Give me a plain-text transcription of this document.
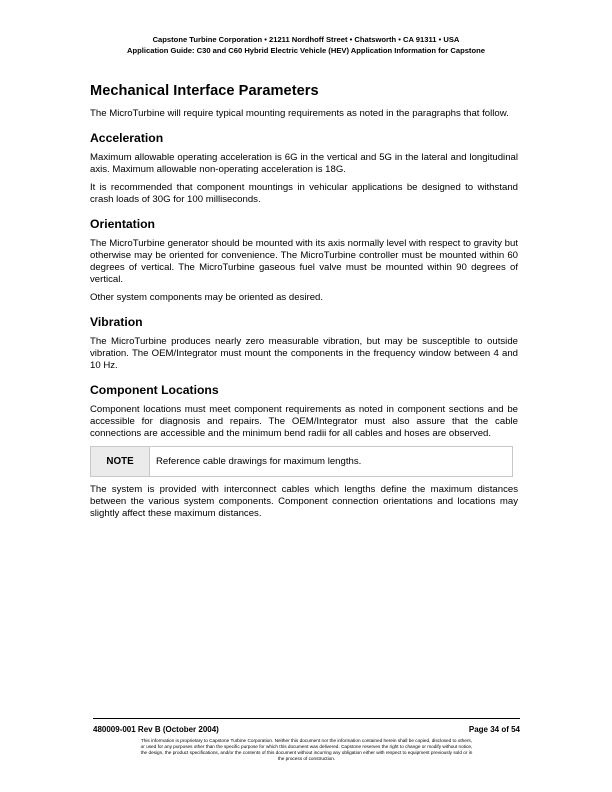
Capstone Turbine Corporation • 21211 Nordhoff Street • Chatsworth • CA 91311 • USA
Application Guide: C30 and C60 Hybrid Electric Vehicle (HEV) Application Information for Capstone
Mechanical Interface Parameters

The MicroTurbine will require typical mounting requirements as noted in the paragraphs that follow.

Acceleration

Maximum allowable operating acceleration is 6G in the vertical and 5G in the lateral and longitudinal axis. Maximum allowable non-operating acceleration is 18G.

It is recommended that component mountings in vehicular applications be designed to withstand crash loads of 30G for 100 milliseconds.

Orientation

The MicroTurbine generator should be mounted with its axis normally level with respect to gravity but otherwise may be oriented for convenience. The MicroTurbine controller must be mounted within 60 degrees of vertical. The MicroTurbine gaseous fuel valve must be mounted within 90 degrees of vertical.

Other system components may be oriented as desired.

Vibration

The MicroTurbine produces nearly zero measurable vibration, but may be susceptible to outside vibration. The OEM/Integrator must mount the components in the frequency window between 4 and 10 Hz.

Component Locations

Component locations must meet component requirements as noted in component sections and be accessible for diagnosis and repairs. The OEM/Integrator must also assure that the cable connections are accessible and the minimum bend radii for all cables and hoses are observed.

NOTE	Reference cable drawings for maximum lengths.

The system is provided with interconnect cables which lengths define the maximum distances between the various system components. Component connection orientations and locations may slightly affect these maximum distances.

480009-001 Rev B (October 2004)	Page 34 of 54
This information is proprietary to Capstone Turbine Corporation. Neither this document nor the information contained herein shall be copied, disclosed to others,
or used for any purposes other than the specific purpose for which this document was delivered. Capstone reserves the right to change or modify without notice,
the design, the product specifications, and/or the contents of this document without incurring any obligation either with respect to equipment previously sold or in
the process of construction.
